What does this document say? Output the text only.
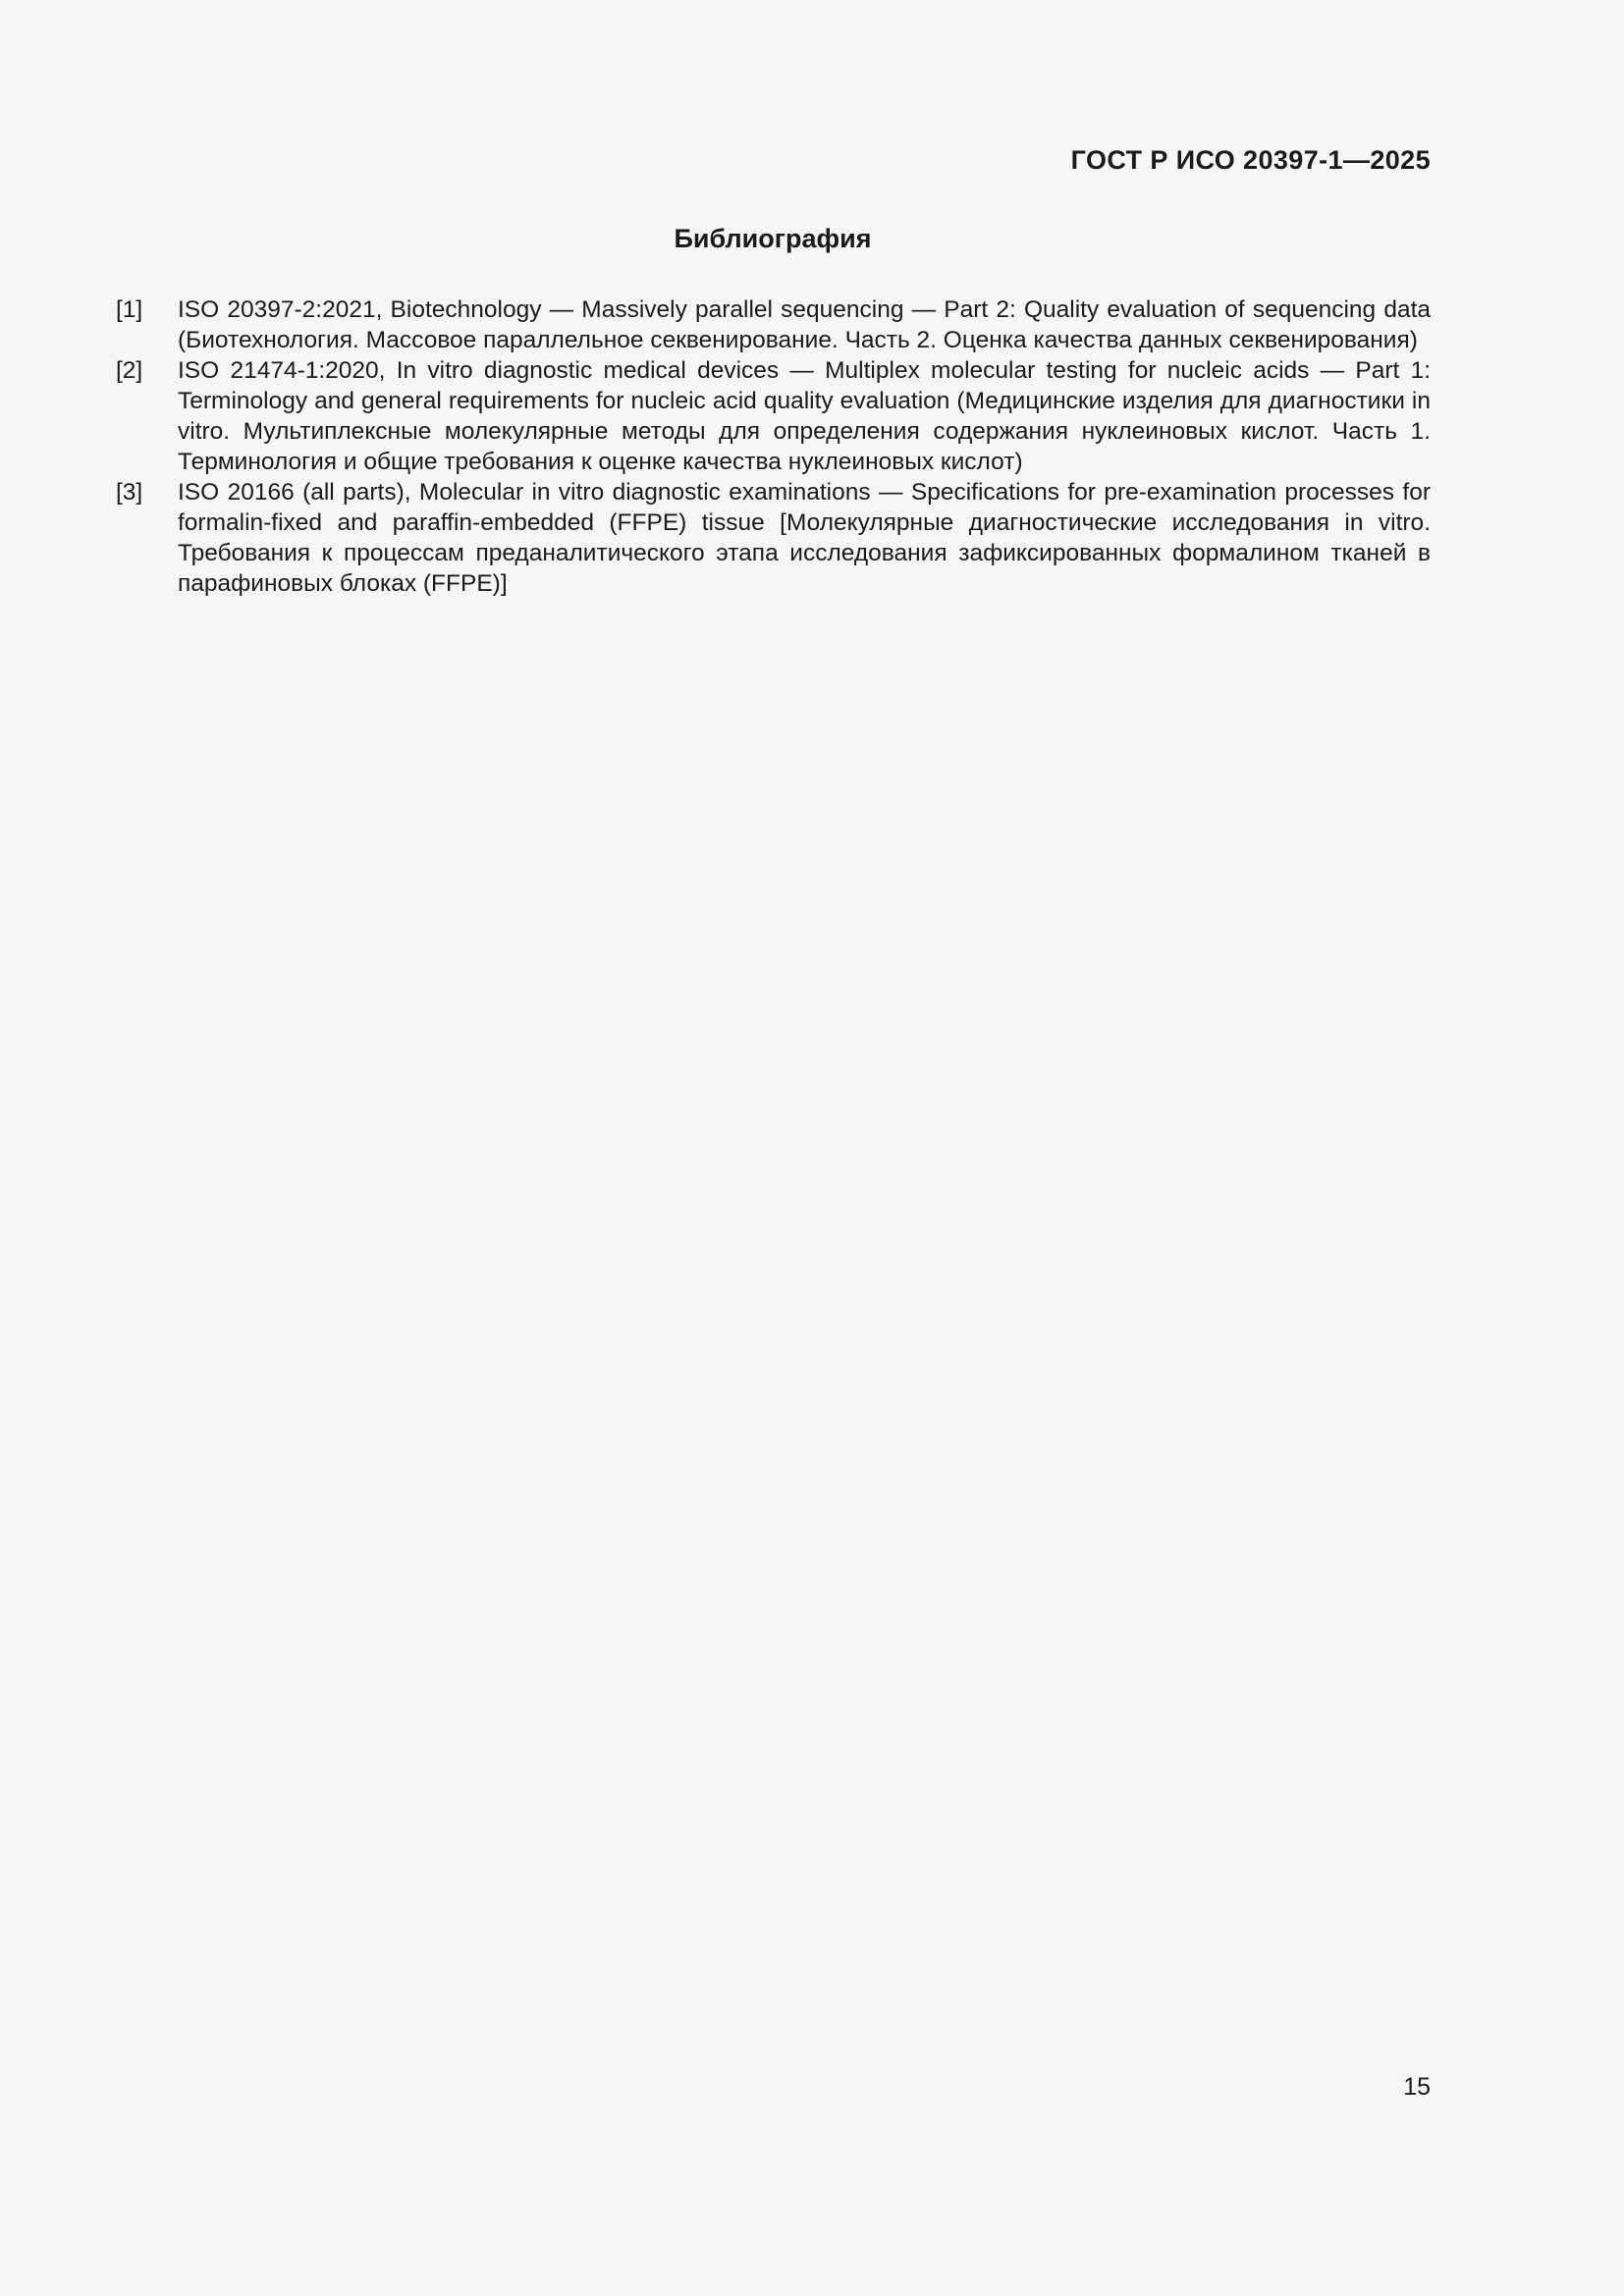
ГОСТ Р ИСО 20397-1—2025
Библиография
[1]	ISO 20397-2:2021, Biotechnology — Massively parallel sequencing — Part 2: Quality evaluation of sequencing data (Биотехнология. Массовое параллельное секвенирование. Часть 2. Оценка качества данных секвенирования)

[2]	ISO 21474-1:2020, In vitro diagnostic medical devices — Multiplex molecular testing for nucleic acids — Part 1: Terminology and general requirements for nucleic acid quality evaluation (Медицинские изделия для диагностики in vitro. Мультиплексные молекулярные методы для определения содержания нуклеиновых кислот. Часть 1. Терминология и общие требования к оценке качества нуклеиновых кислот)

[3]	ISO 20166 (all parts), Molecular in vitro diagnostic examinations — Specifications for pre-examination processes for formalin-fixed and paraffin-embedded (FFPE) tissue [Молекулярные диагностические исследования in vitro. Требования к процессам преданалитического этапа исследования зафиксированных формалином тканей в парафиновых блоках (FFPE)]

15
